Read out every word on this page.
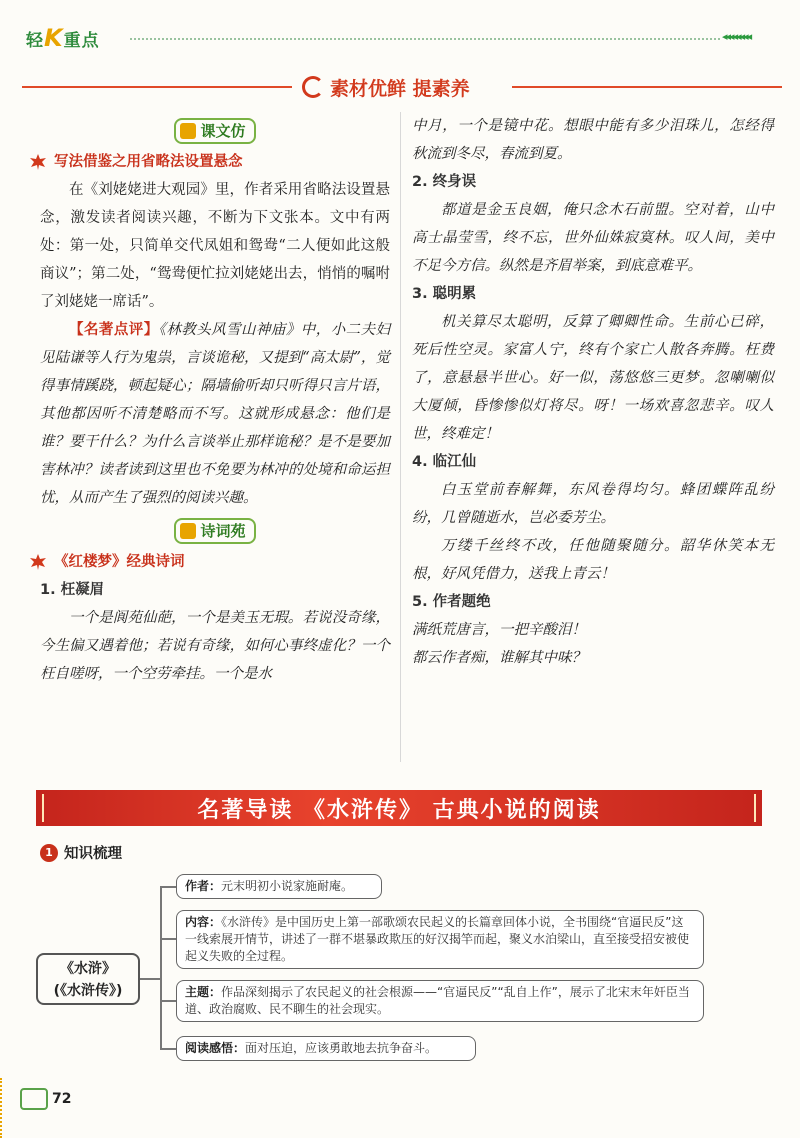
轻K重点	◂◂◂◂◂◂◂◂
素材优鲜 提素养
课文仿
写法借鉴之用省略法设置悬念

在《刘姥姥进大观园》里，作者采用省略法设置悬念，激发读者阅读兴趣，不断为下文张本。文中有两处：第一处，只简单交代凤姐和鸳鸯“二人便如此这般商议”；第二处，“鸳鸯便忙拉刘姥姥出去，悄悄的嘱咐了刘姥姥一席话”。

【名著点评】《林教头风雪山神庙》中，小二夫妇见陆谦等人行为鬼祟，言谈诡秘，又提到“高太尉”，觉得事情蹊跷，顿起疑心；隔墙偷听却只听得只言片语，其他都因听不清楚略而不写。这就形成悬念：他们是谁？要干什么？为什么言谈举止那样诡秘？是不是要加害林冲？读者读到这里也不免要为林冲的处境和命运担忧，从而产生了强烈的阅读兴趣。

诗词苑
《红楼梦》经典诗词
1. 枉凝眉

一个是阆苑仙葩，一个是美玉无瑕。若说没奇缘，今生偏又遇着他；若说有奇缘，如何心事终虚化？一个枉自嗟呀，一个空劳牵挂。一个是水

中月，一个是镜中花。想眼中能有多少泪珠儿，怎经得秋流到冬尽，春流到夏。

2. 终身误

都道是金玉良姻，俺只念木石前盟。空对着，山中高士晶莹雪，终不忘，世外仙姝寂寞林。叹人间，美中不足今方信。纵然是齐眉举案，到底意难平。

3. 聪明累

机关算尽太聪明，反算了卿卿性命。生前心已碎，死后性空灵。家富人宁，终有个家亡人散各奔腾。枉费了，意悬悬半世心。好一似，荡悠悠三更梦。忽喇喇似大厦倾，昏惨惨似灯将尽。呀！一场欢喜忽悲辛。叹人世，终难定！

4. 临江仙

白玉堂前春解舞，东风卷得均匀。蜂团蝶阵乱纷纷，几曾随逝水，岂必委芳尘。

万缕千丝终不改，任他随聚随分。韶华休笑本无根，好风凭借力，送我上青云！

5. 作者题绝

满纸荒唐言，一把辛酸泪！

都云作者痴，谁解其中味？

名著导读 《水浒传》 古典小说的阅读
1 知识梳理
《水浒》
(《水浒传》)
作者：元末明初小说家施耐庵。
内容：《水浒传》是中国历史上第一部歌颂农民起义的长篇章回体小说，全书围绕“官逼民反”这一线索展开情节，讲述了一群不堪暴政欺压的好汉揭竿而起，聚义水泊梁山，直至接受招安被使起义失败的全过程。
主题：作品深刻揭示了农民起义的社会根源——“官逼民反”“乱自上作”，展示了北宋末年奸臣当道、政治腐败、民不聊生的社会现实。
阅读感悟：面对压迫，应该勇敢地去抗争奋斗。
72
